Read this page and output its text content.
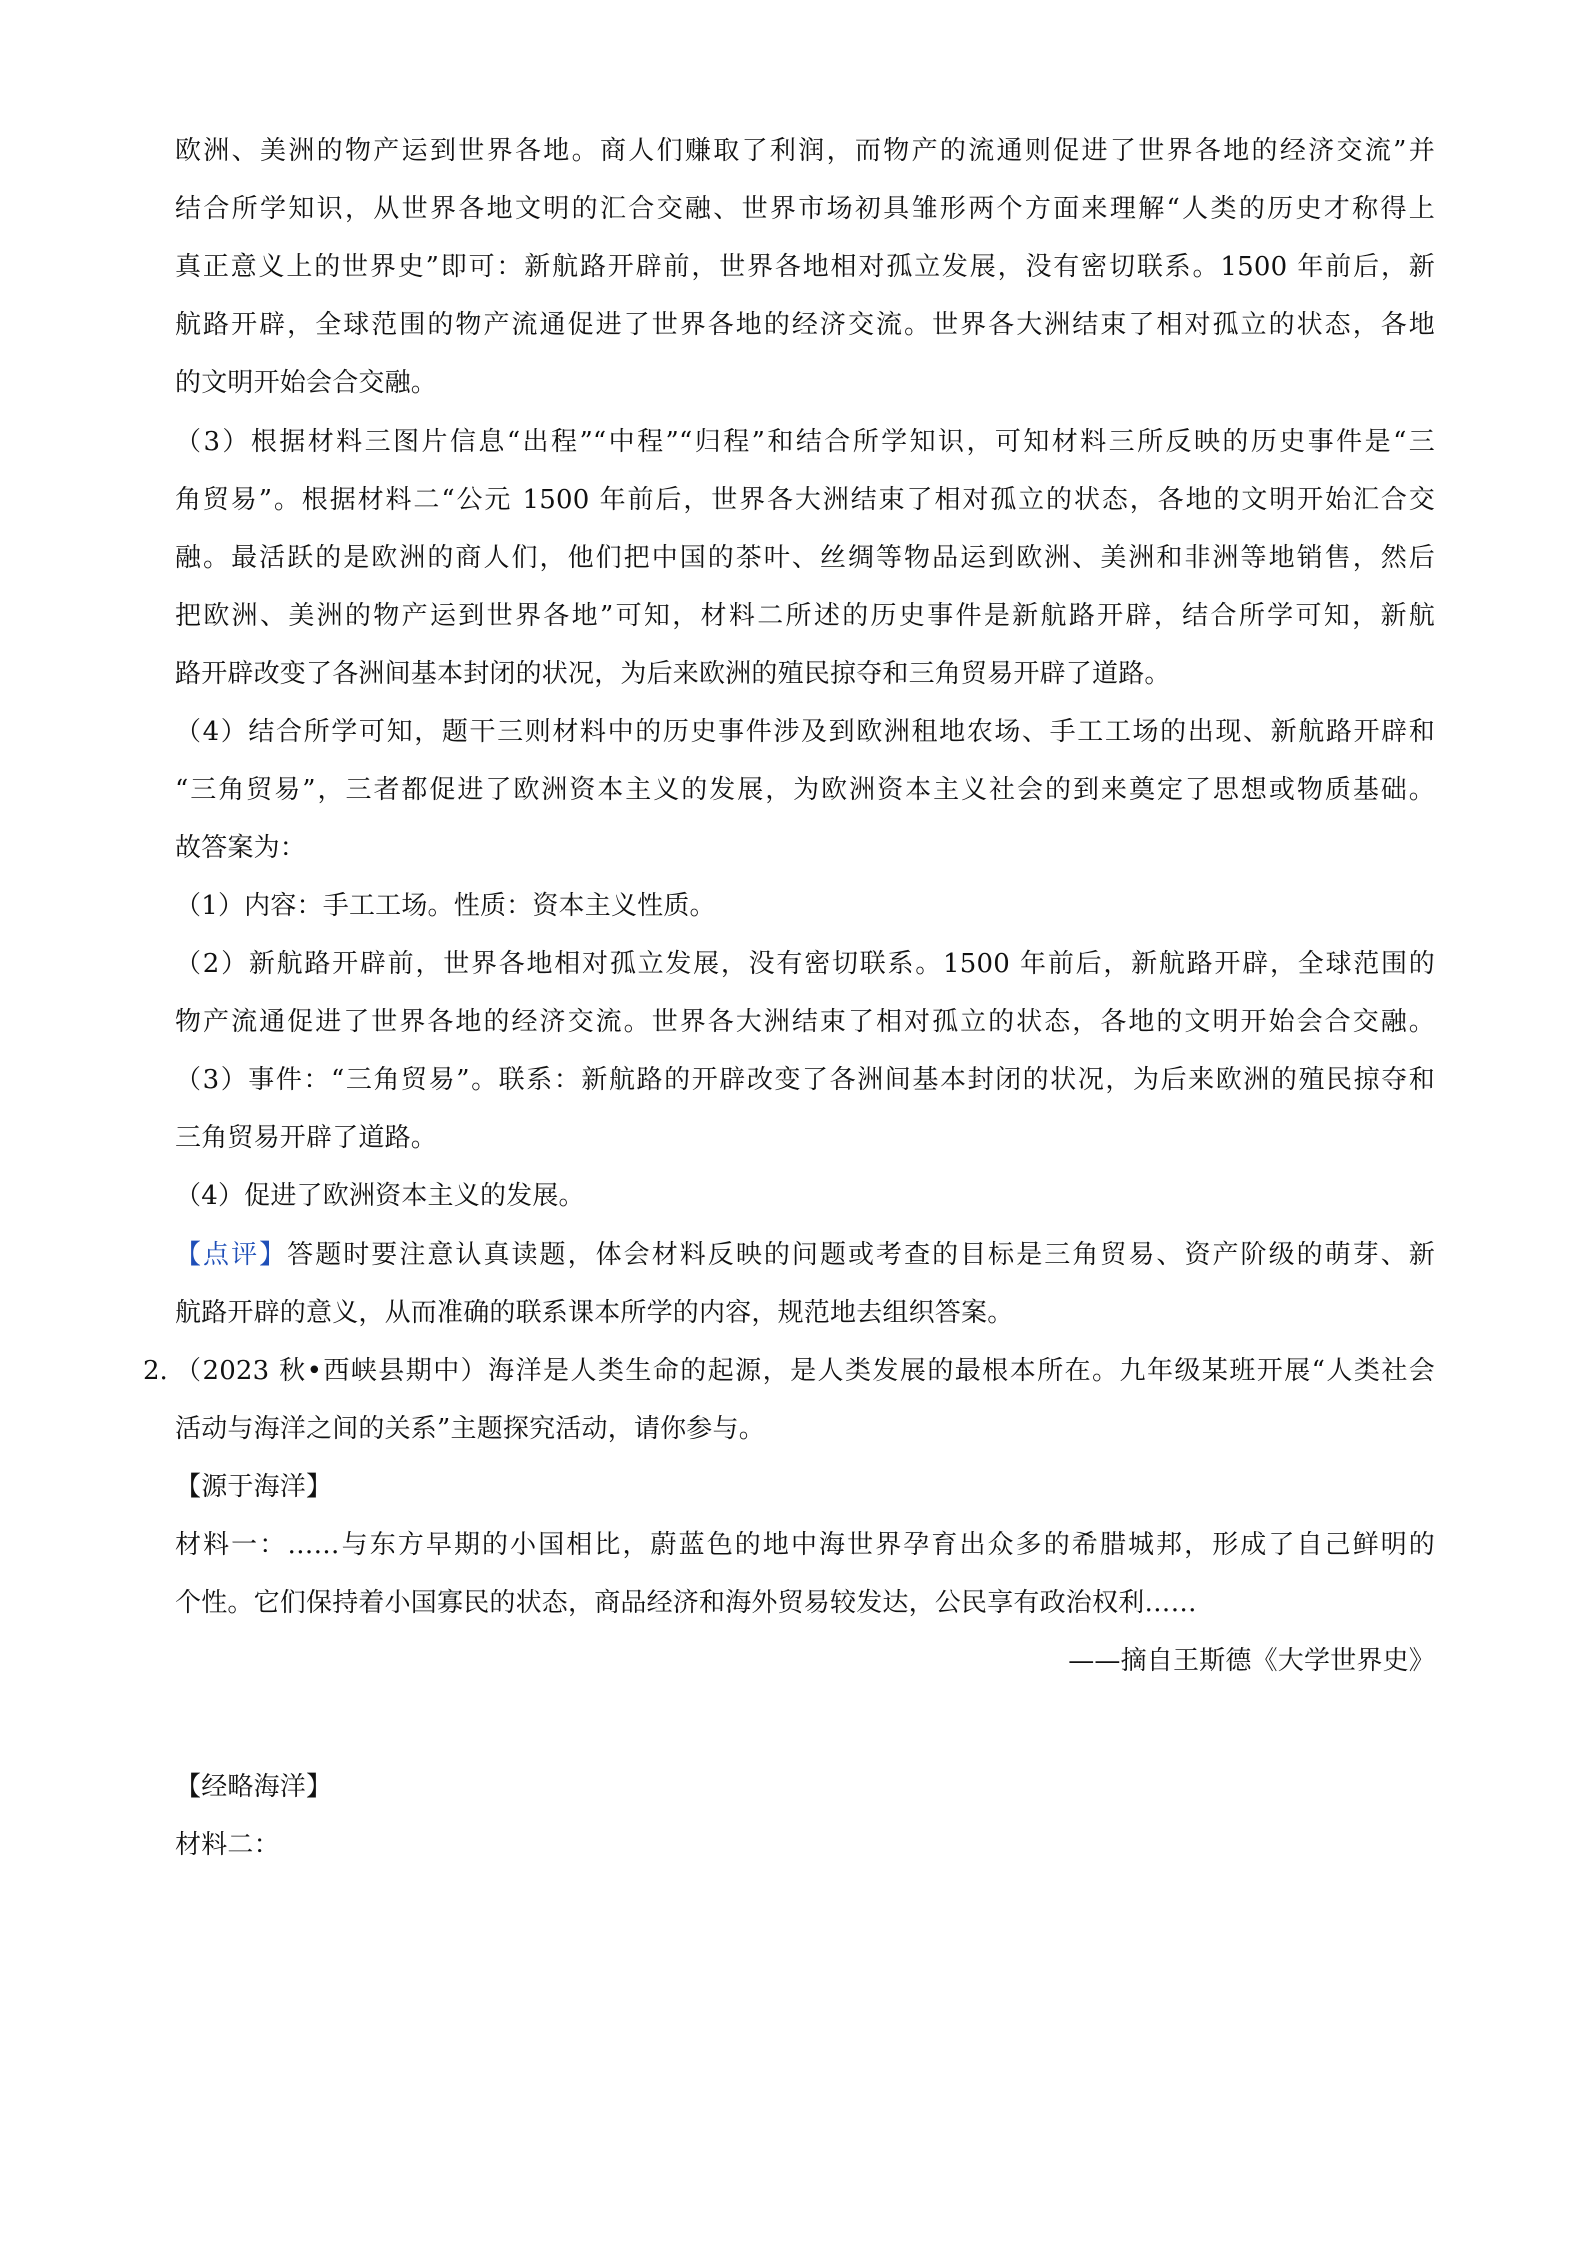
欧洲、美洲的物产运到世界各地。商人们赚取了利润，而物产的流通则促进了世界各地的经济交流”并
结合所学知识，从世界各地文明的汇合交融、世界市场初具雏形两个方面来理解“人类的历史才称得上
真正意义上的世界史”即可：新航路开辟前，世界各地相对孤立发展，没有密切联系。1500 年前后，新
航路开辟，全球范围的物产流通促进了世界各地的经济交流。世界各大洲结束了相对孤立的状态，各地
的文明开始会合交融。
（3）根据材料三图片信息“出程”“中程”“归程”和结合所学知识，可知材料三所反映的历史事件是“三
角贸易”。根据材料二“公元 1500 年前后，世界各大洲结束了相对孤立的状态，各地的文明开始汇合交
融。最活跃的是欧洲的商人们，他们把中国的茶叶、丝绸等物品运到欧洲、美洲和非洲等地销售，然后
把欧洲、美洲的物产运到世界各地”可知，材料二所述的历史事件是新航路开辟，结合所学可知，新航
路开辟改变了各洲间基本封闭的状况，为后来欧洲的殖民掠夺和三角贸易开辟了道路。
（4）结合所学可知，题干三则材料中的历史事件涉及到欧洲租地农场、手工工场的出现、新航路开辟和
“三角贸易”，三者都促进了欧洲资本主义的发展，为欧洲资本主义社会的到来奠定了思想或物质基础。
故答案为：
（1）内容：手工工场。性质：资本主义性质。
（2）新航路开辟前，世界各地相对孤立发展，没有密切联系。1500 年前后，新航路开辟，全球范围的
物产流通促进了世界各地的经济交流。世界各大洲结束了相对孤立的状态，各地的文明开始会合交融。
（3）事件：“三角贸易”。联系：新航路的开辟改变了各洲间基本封闭的状况，为后来欧洲的殖民掠夺和
三角贸易开辟了道路。
（4）促进了欧洲资本主义的发展。
【点评】答题时要注意认真读题，体会材料反映的问题或考查的目标是三角贸易、资产阶级的萌芽、新
航路开辟的意义，从而准确的联系课本所学的内容，规范地去组织答案。
2. （2023 秋•西峡县期中）海洋是人类生命的起源，是人类发展的最根本所在。九年级某班开展“人类社会
活动与海洋之间的关系”主题探究活动，请你参与。
【源于海洋】
材料一：……与东方早期的小国相比，蔚蓝色的地中海世界孕育出众多的希腊城邦，形成了自己鲜明的
个性。它们保持着小国寡民的状态，商品经济和海外贸易较发达，公民享有政治权利……
——摘自王斯德《大学世界史》
【经略海洋】
材料二：
